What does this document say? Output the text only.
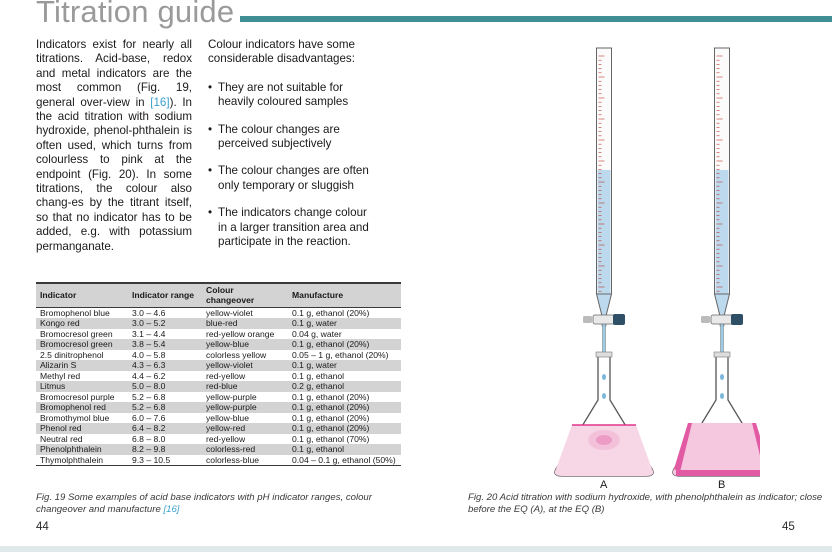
Titration guide

Indicators exist for nearly all titrations. Acid-base, redox and metal indicators are the most common (Fig. 19, general over-view in [16]). In the acid titration with sodium hydroxide, phenol-phthalein is often used, which turns from colourless to pink at the endpoint (Fig. 20). In some titrations, the colour also chang-es by the titrant itself, so that no indicator has to be added, e.g. with potassium permanganate.

Colour indicators have some considerable disadvantages:

• They are not suitable for heavily coloured samples
• The colour changes are perceived subjectively
• The colour changes are often only temporary or sluggish
• The indicators change colour in a larger transition area and participate in the reaction.
Indicator	Indicator range	Colour changeover	Manufacture
Bromophenol blue	3.0 – 4.6	yellow-violet	0.1 g, ethanol (20%)
Kongo red	3.0 – 5.2	blue-red	0.1 g, water
Bromocresol green	3.1 – 4.4	red-yellow orange	0.04 g, water
Bromocresol green	3.8 – 5.4	yellow-blue	0.1 g, ethanol (20%)
2.5 dinitrophenol	4.0 – 5.8	colorless yellow	0.05 – 1 g, ethanol (20%)
Alizarin S	4.3 – 6.3	yellow-violet	0.1 g, water
Methyl red	4.4 – 6.2	red-yellow	0.1 g, ethanol
Litmus	5.0 – 8.0	red-blue	0.2 g, ethanol
Bromocresol purple	5.2 – 6.8	yellow-purple	0.1 g, ethanol (20%)
Bromophenol red	5.2 – 6.8	yellow-purple	0.1 g, ethanol (20%)
Bromothymol blue	6.0 – 7.6	yellow-blue	0.1 g, ethanol (20%)
Phenol red	6.4 – 8.2	yellow-red	0.1 g, ethanol (20%)
Neutral red	6.8 – 8.0	red-yellow	0.1 g, ethanol (70%)
Phenolphthalein	8.2 – 9.8	colorless-red	0.1 g, ethanol
Thymolphthalein	9.3 – 10.5	colorless-blue	0.04 – 0.1 g, ethanol (50%)
A	B
Fig. 19 Some examples of acid base indicators with pH indicator ranges, colour changeover and manufacture [16]
Fig. 20 Acid titration with sodium hydroxide, with phenolphthalein as indicator; close before the EQ (A), at the EQ (B)
44	45
